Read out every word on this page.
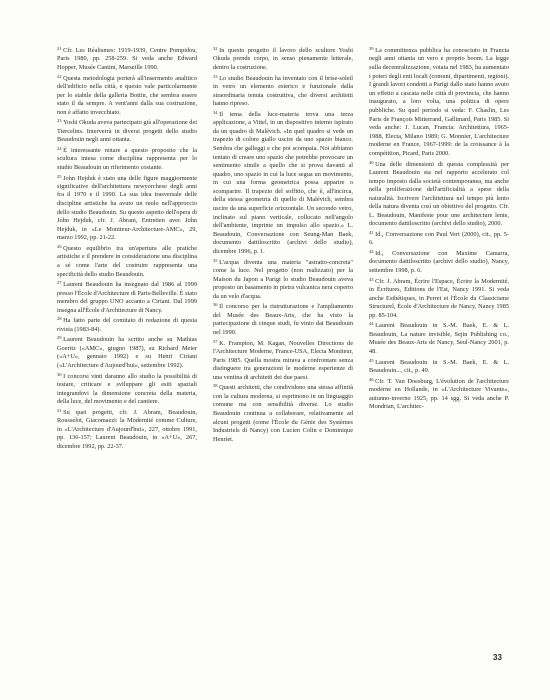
$^{21}$ Cfr. Les Réalismes: 1919-1939, Centre Pompidou, Paris 1980, pp. 258-259. Si veda anche Edward Hopper, Musée Cantini, Marseille 1990.

$^{22}$ Questa metodologia porterà all'insermento analitico dell'edificio nella città, e questo vale particolarmente per lo stabile della galleria Bottin, che sembra essere stato il da sempre. A vent'anni dalla sua costruzione, non è affatto invecchiato.

$^{23}$ Yoshi Okuda aveva partecipato già all'operazione dei Tiercelins. Interverrà in diversi progetti dello studio Beaudouin negli anni ottanta.

$^{24}$ È interessante notare a questo proposito che la scultura intesa come disciplina rappresenta per lo studio Beaudouin un riferimento costante.

$^{25}$ John Hejduk è stato una delle figure maggiormente significative dell'architettura newyorchese degli anni fra il 1970 e il 1990. La sua idea trasversale delle discipline artistiche ha avuto un ruolo nell'approccio dello studio Beaudouin. Su questo aspetto dell'opera di John Hejduk, cfr. J. Abram, Entretien avec John Hejduk, in «Le Moniteur-Architecture-AMC», 29, marzo 1992, pp. 21-22.

$^{26}$ Questo equilibrio tra un'apertura alle pratiche artistiche e il prendere in considerazione una disciplina a sé come l'arte del costruire rappresenta una specificità dello studio Beaudouin.

$^{27}$ Laurent Beaudouin ha insegnato dal 1986 al 1999 presso l'École d'Architecture di Paris-Belleville. È stato membro del gruppo UNO accanto a Ciriani. Dal 1999 insegna all'École d'Architecture di Nancy.

$^{28}$ Ha fatto parte del comitato di redazione di questa rivista (1983-84).

$^{29}$ Laurent Beaudouin ha scritto anche su Mathias Goeritz («AMC», giugno 1987), su Richard Meier («A+U», gennaio 1992) e su Henri Ciriani («L'Architecture d'Aujourd'hui», settembre 1992).

$^{30}$ I concorsi vinti daranno allo studio la possibilità di testare, criticare e sviluppare gli esiti spaziali integrandovi la dimensione concreta della materia, della luce, del movimento e del cantiere.

$^{31}$ Su quei progetti, cfr. J. Abram, Beaudouin, Rousselot, Giacomazzi: la Modernité comme Culture, in «L'Architecture d'Aujourd'hui», 227, ottobre 1991, pp. 136-157; Laurent Beaudouin, in «A+U», 267, dicembre 1992, pp. 22-37.

$^{32}$ In questo progetto il lavoro dello scultore Yoshi Okuda prende corpo, in senso pienamente letterale, dentro la costruzione.

$^{33}$ Lo studio Beaudouin ha inventato con il brise-soleil in vetro un elemento esterico e funzionale dalla straordinaria tenuta costruttiva, che diversi architetti hanno ripreso.

$^{34}$ Il tema della luce-materia trova una terza applicazione, a Vittel, in un dispositivo interno ispirato da un quadro di Malévich. «In quel quadro si vede un trapezio di colore giallo uscire da uno spazio bianco. Sembra che galleggi e che poi scompaia. Noi abbiamo tentato di creare uno spazio che potrebbe provocare un sentimento simile a quello che si prova davanti al quadro, uno spazio in cui la luce segua un movimento, in cui una forma geometrica possa apparire o scomparire. Il trapezio del soffitto, che è, all'incirca, della stessa geometria di quello di Malévich, sembra uscire da una superficie orizzontale. Un secondo vetro, inclinato sul piano verticale, collocato nell'angolo dell'ambiente, imprime un impulso allo spazio.» L. Beaudouin, Conversazione con Seung-Man Baek, documento dattiloscritto (archivi dello studio), dicembre 1996, p. 1.

$^{35}$ L'acqua diventa una materia "astratto-concreta" come la luce. Nel progetto (non realizzato) per la Maison du Japon a Parigi lo studio Beaudouin aveva proposto un basamento in pietra vulcanica nera coperto da un velo d'acqua.

$^{36}$ Il concorso per la ristrutturazione e l'ampliamento del Musée des Beaux-Arts, che ha visto la partecipazione di cinque studi, fu vinto dai Beaudouin nel 1990.

$^{37}$ K. Frampton, M. Kagan, Nouvelles Directions de l'Architecture Moderne, France-USA, Electa Moniteur, Paris 1985. Quella mostra mirava a confrontare senza distinguere tra generazioni le moderne esperienze di una ventina di architetti dei due paesi.

$^{38}$ Questi architetti, che condividono una stessa affinità con la cultura moderna, si esprimono in un linguaggio comune ma con sensibilità diverse. Lo studio Beaudouin continua a collaborare, relativamente ad alcuni progetti (come l'École du Génie des Systèmes Industriels di Nancy) con Lucien Colin e Dominique Henriet.

$^{39}$ La committenza pubblica ha conosciuto in Francia negli anni ottanta un vero e proprio boom. La legge sulla decentralizzazione, votata nel 1983, ha aumentato i poteri degli enti locali (comuni, dipartimenti, regioni). I grandi lavori condotti a Parigi dallo stato hanno avuto un effetto a cascata nelle città di provincia, che hanno inaugurato, a loro volta, una politica di opere pubbliche. Su quel periodo si veda: F. Chaslin, Les Paris de François Mitterrand, Gallimard, Paris 1985. Si veda anche: J. Lucan, Francia: Architettura, 1965-1988, Electa, Milano 1989; G. Monnier, L'architecture moderne en France, 1967-1999: de la croissance à la compétition, Picard, Paris 2000.

$^{40}$ Una delle dimensioni di questa complessità per Laurent Beaudouin sta nel rapporto accelerato col tempo imposto dalla società contemporanea, ma anche nella proliferazione dell'artificialità a spese della naturalità. Iscrivere l'architettura nel tempo più lento della natura diventa così un obiettivo del progetto. Cfr. L. Beaudouin, Manifeste pour une architecture lente, documento dattiloscritto (archivi dello studio), 2000.

$^{41}$ Id., Conversazione con Paul Vert (2000), cit., pp. 5-6.

$^{42}$ Id., Conversazione con Maxime Camarra, documento dattiloscritto (archivi dello studio), Nancy, settembre 1998, p. 6.

$^{43}$ Cfr. J. Abram, Écrire l'Espace, Écrire la Modernité, in Écritures, Editions de l'Est, Nancy 1991. Si veda anche Esthétiques, in Perret et l'École du Classicisme Structurel, École d'Architecture de Nancy, Nancy 1985 pp. 85-104.

$^{44}$ Laurent Beaudouin in S.-M. Baek, E. & L. Beaudouin, La nature invisible, Sejin Publishing co., Musée des Beaux-Arts de Nancy, Seul-Nancy 2001, p. 48.

$^{45}$ Laurent Beaudouin in S.-M. Baek, E. & L. Beaudouin..., cit., p. 49.

$^{46}$ Cfr. T. Van Doesburg, L'évolution de l'architecture moderne en Hollande, in «L'Architecture Vivante», autunno-inverno 1925, pp. 14 sgg. Si veda anche P. Mondrian, L'architec-

33
